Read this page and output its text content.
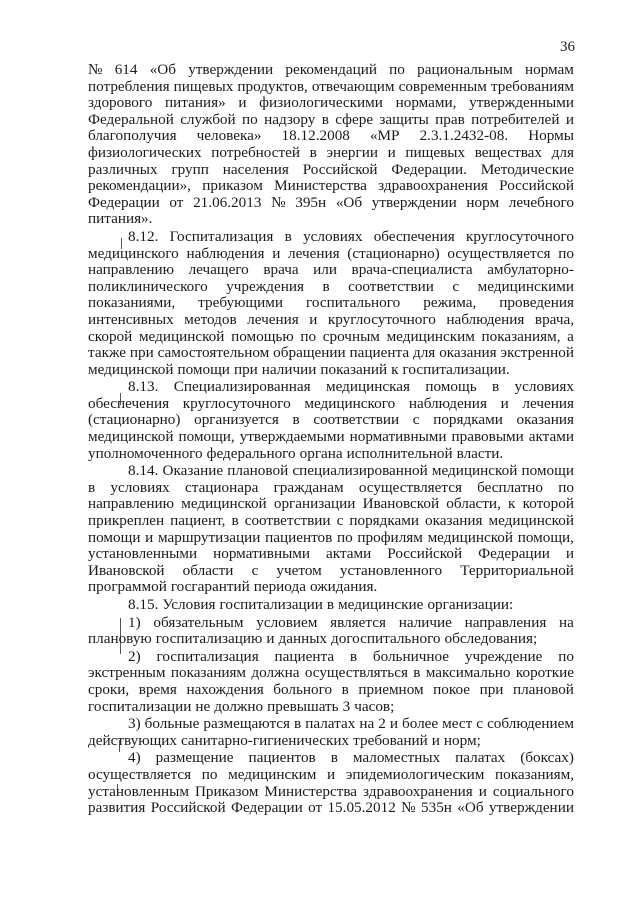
36
№ 614 «Об утверждении рекомендаций по рациональным нормам
потребления пищевых продуктов, отвечающим современным требованиям
здорового питания» и физиологическими нормами, утвержденными
Федеральной службой по надзору в сфере защиты прав потребителей и
благополучия человека» 18.12.2008 «МР 2.3.1.2432-08. Нормы
физиологических потребностей в энергии и пищевых веществах для
различных групп населения Российской Федерации. Методические
рекомендации», приказом Министерства здравоохранения Российской
Федерации от 21.06.2013 № 395н «Об утверждении норм лечебного
питания».
8.12. Госпитализация в условиях обеспечения круглосуточного
медицинского наблюдения и лечения (стационарно) осуществляется по
направлению лечащего врача или врача-специалиста амбулаторно-
поликлинического учреждения в соответствии с медицинскими
показаниями, требующими госпитального режима, проведения
интенсивных методов лечения и круглосуточного наблюдения врача,
скорой медицинской помощью по срочным медицинским показаниям, а
также при самостоятельном обращении пациента для оказания экстренной
медицинской помощи при наличии показаний к госпитализации.
8.13. Специализированная медицинская помощь в условиях
обеспечения круглосуточного медицинского наблюдения и лечения
(стационарно) организуется в соответствии с порядками оказания
медицинской помощи, утверждаемыми нормативными правовыми актами
уполномоченного федерального органа исполнительной власти.
8.14. Оказание плановой специализированной медицинской помощи
в условиях стационара гражданам осуществляется бесплатно по
направлению медицинской организации Ивановской области, к которой
прикреплен пациент, в соответствии с порядками оказания медицинской
помощи и маршрутизации пациентов по профилям медицинской помощи,
установленными нормативными актами Российской Федерации и
Ивановской области с учетом установленного Территориальной
программой госгарантий периода ожидания.
8.15. Условия госпитализации в медицинские организации:
1) обязательным условием является наличие направления на
плановую госпитализацию и данных догоспитального обследования;
2) госпитализация пациента в больничное учреждение по
экстренным показаниям должна осуществляться в максимально короткие
сроки, время нахождения больного в приемном покое при плановой
госпитализации не должно превышать 3 часов;
3) больные размещаются в палатах на 2 и более мест с соблюдением
действующих санитарно-гигиенических требований и норм;
4) размещение пациентов в маломестных палатах (боксах)
осуществляется по медицинским и эпидемиологическим показаниям,
установленным Приказом Министерства здравоохранения и социального
развития Российской Федерации от 15.05.2012 № 535н «Об утверждении
